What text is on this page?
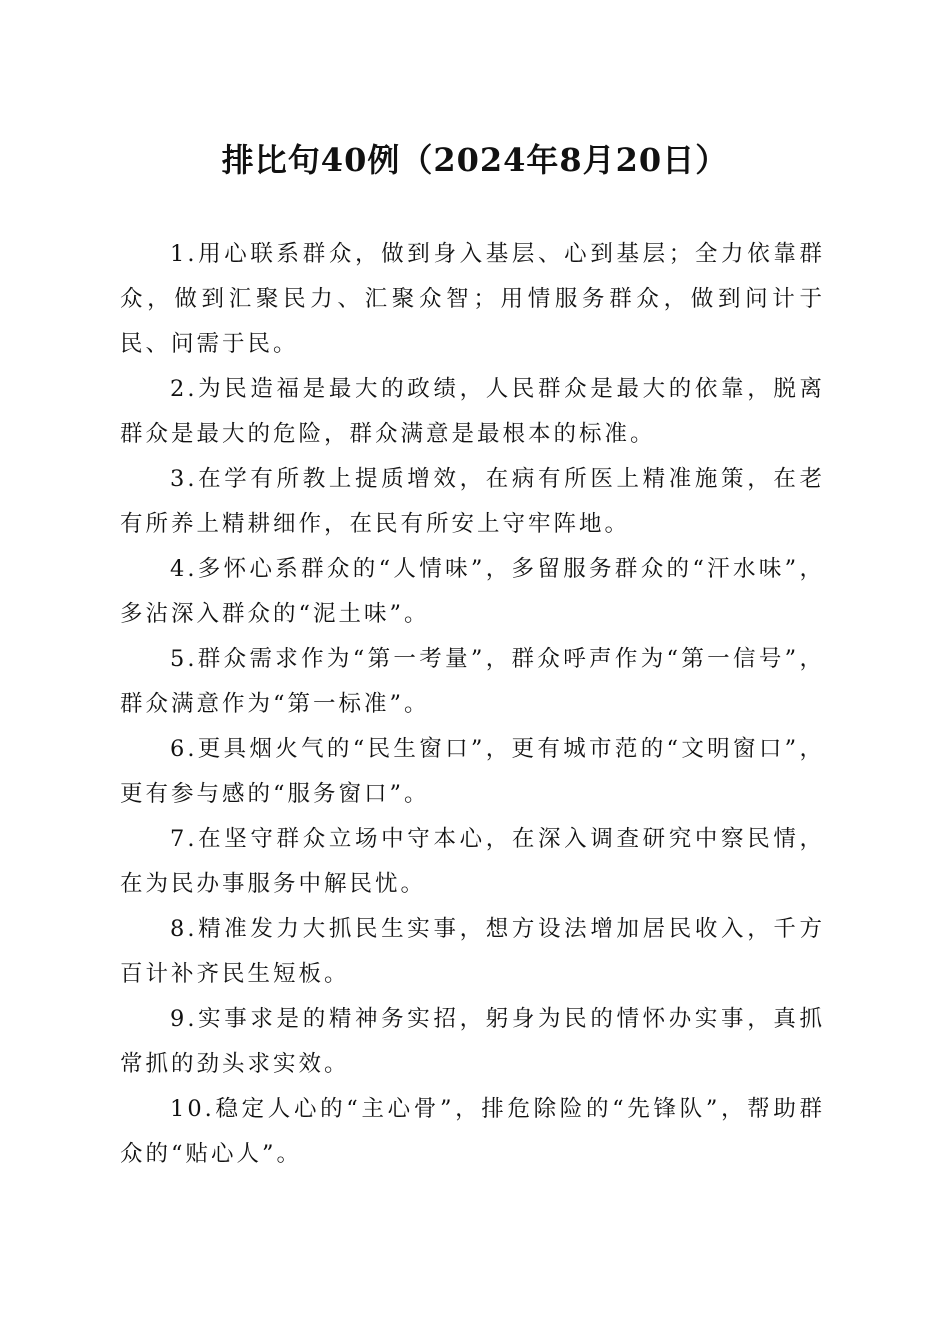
排比句40例（2024年8月20日）

1.用心联系群众，做到身入基层、心到基层；全力依靠群众，做到汇聚民力、汇聚众智；用情服务群众，做到问计于民、问需于民。

2.为民造福是最大的政绩，人民群众是最大的依靠，脱离群众是最大的危险，群众满意是最根本的标准。

3.在学有所教上提质增效，在病有所医上精准施策，在老有所养上精耕细作，在民有所安上守牢阵地。

4.多怀心系群众的“人情味”，多留服务群众的“汗水味”，多沾深入群众的“泥土味”。

5.群众需求作为“第一考量”，群众呼声作为“第一信号”，群众满意作为“第一标准”。

6.更具烟火气的“民生窗口”，更有城市范的“文明窗口”，更有参与感的“服务窗口”。

7.在坚守群众立场中守本心，在深入调查研究中察民情，在为民办事服务中解民忧。

8.精准发力大抓民生实事，想方设法增加居民收入，千方百计补齐民生短板。

9.实事求是的精神务实招，躬身为民的情怀办实事，真抓常抓的劲头求实效。

10.稳定人心的“主心骨”，排危除险的“先锋队”，帮助群众的“贴心人”。
